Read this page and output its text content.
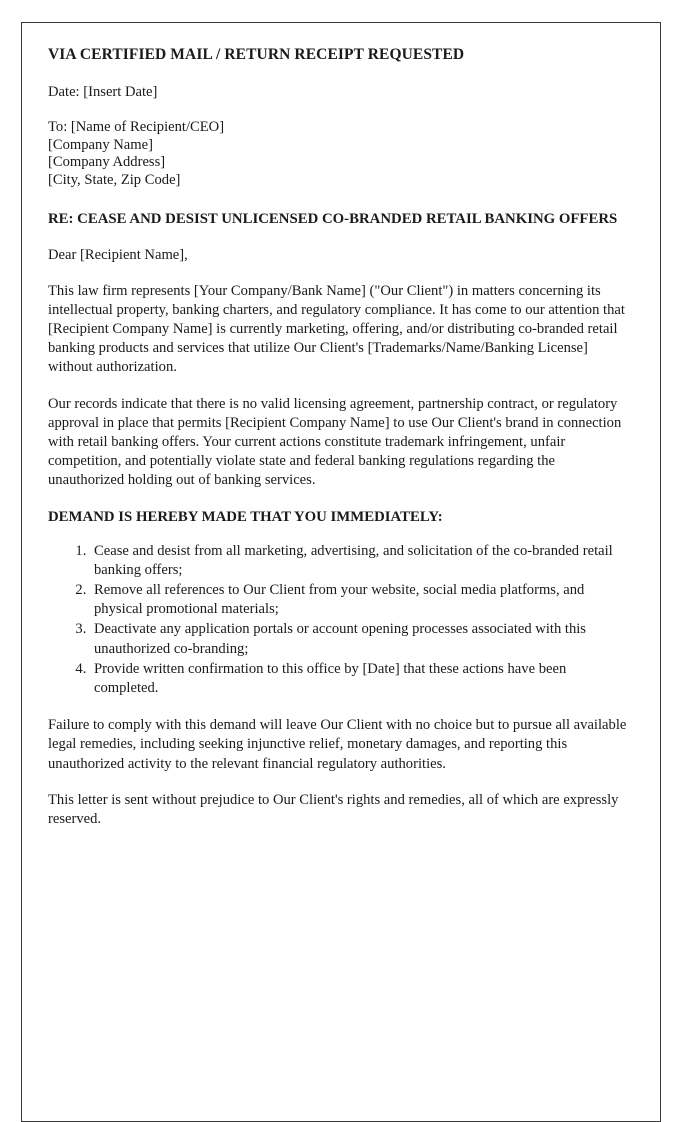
VIA CERTIFIED MAIL / RETURN RECEIPT REQUESTED
Date: [Insert Date]
To: [Name of Recipient/CEO]
[Company Name]
[Company Address]
[City, State, Zip Code]
RE: CEASE AND DESIST UNLICENSED CO-BRANDED RETAIL BANKING OFFERS
Dear [Recipient Name],

This law firm represents [Your Company/Bank Name] ("Our Client") in matters concerning its intellectual property, banking charters, and regulatory compliance. It has come to our attention that [Recipient Company Name] is currently marketing, offering, and/or distributing co-branded retail banking products and services that utilize Our Client's [Trademarks/Name/Banking License] without authorization.

Our records indicate that there is no valid licensing agreement, partnership contract, or regulatory approval in place that permits [Recipient Company Name] to use Our Client's brand in connection with retail banking offers. Your current actions constitute trademark infringement, unfair competition, and potentially violate state and federal banking regulations regarding the unauthorized holding out of banking services.

DEMAND IS HEREBY MADE THAT YOU IMMEDIATELY:
1. Cease and desist from all marketing, advertising, and solicitation of the co-branded retail banking offers;
2. Remove all references to Our Client from your website, social media platforms, and physical promotional materials;
3. Deactivate any application portals or account opening processes associated with this unauthorized co-branding;
4. Provide written confirmation to this office by [Date] that these actions have been completed.

Failure to comply with this demand will leave Our Client with no choice but to pursue all available legal remedies, including seeking injunctive relief, monetary damages, and reporting this unauthorized activity to the relevant financial regulatory authorities.

This letter is sent without prejudice to Our Client's rights and remedies, all of which are expressly reserved.
